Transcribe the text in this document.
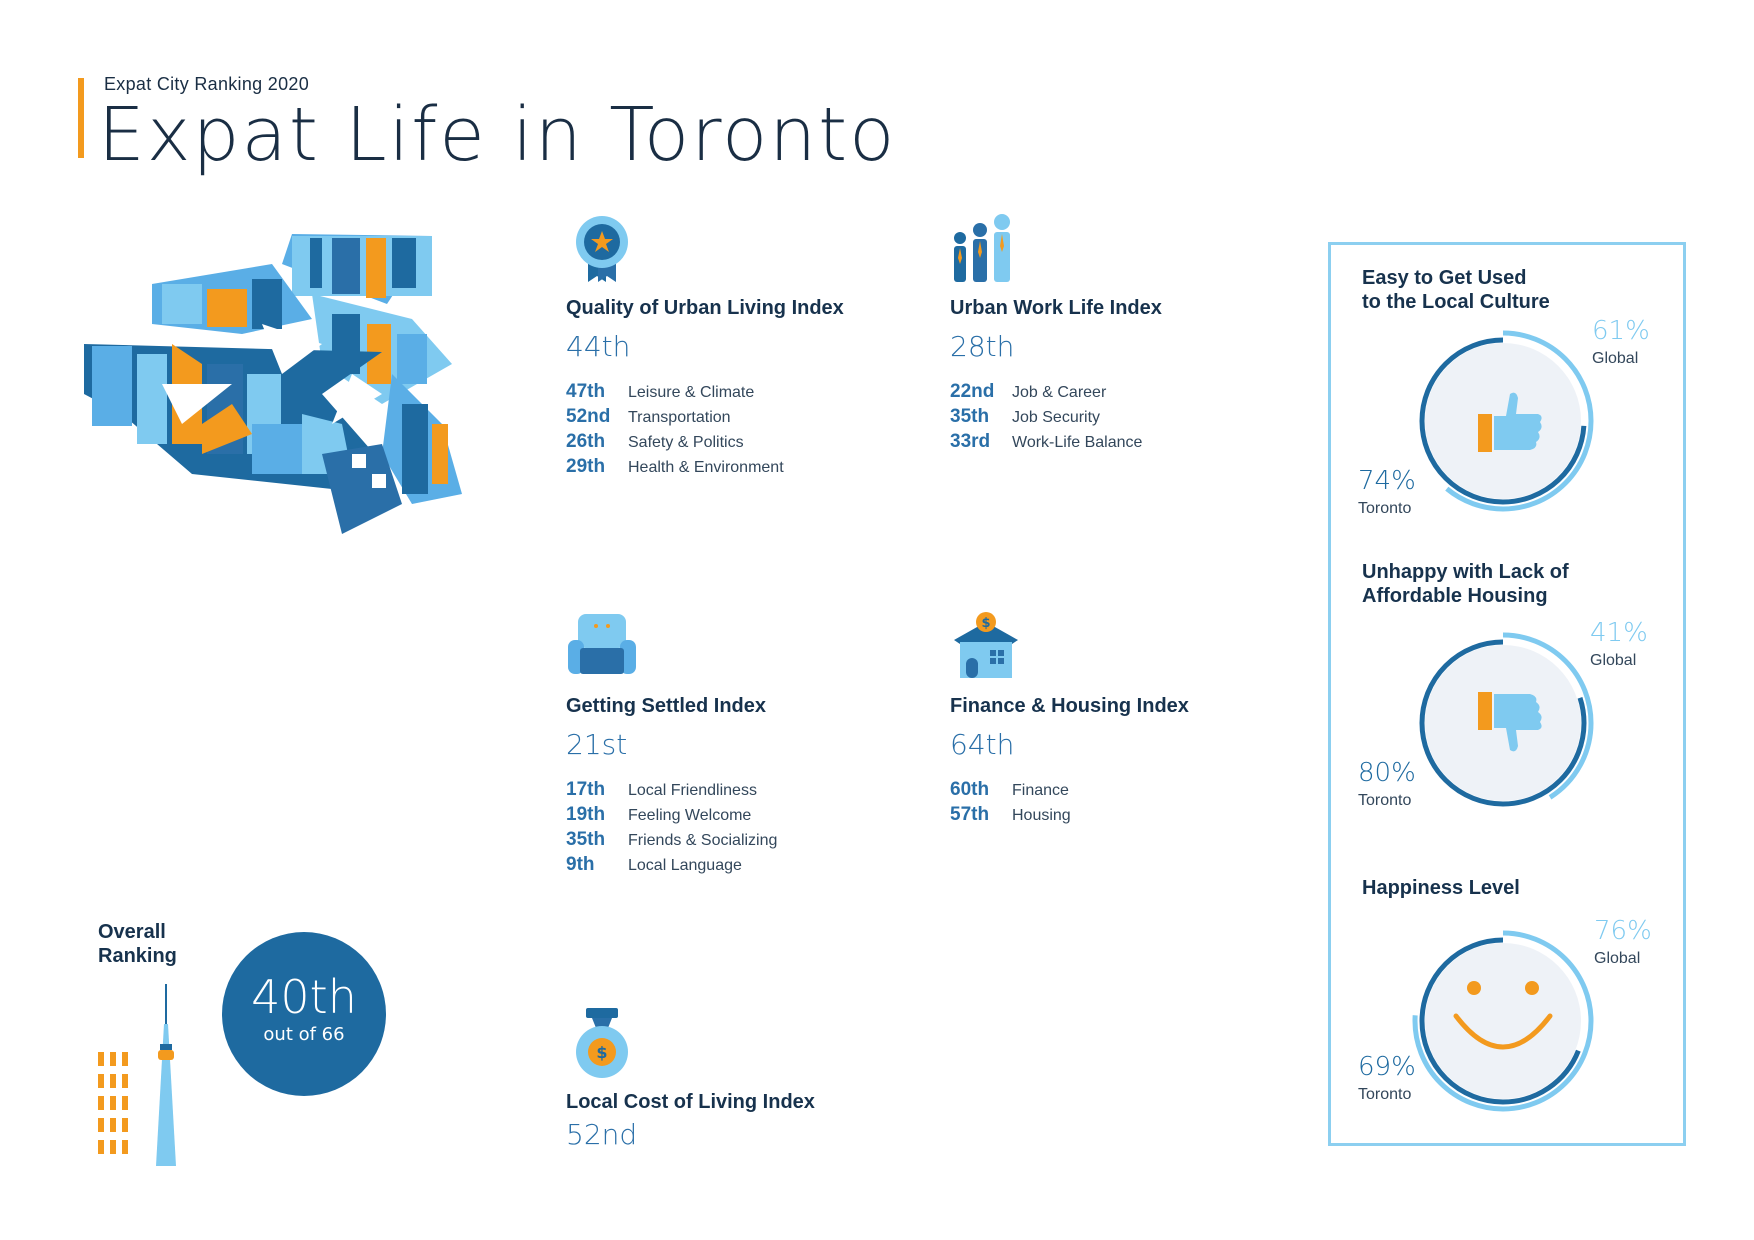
Expat City Ranking 2020
Expat Life in Toronto
Quality of Urban Living Index
44th
47th	Leisure & Climate
52nd	Transportation
26th	Safety & Politics
29th	Health & Environment
Urban Work Life Index
28th
22nd	Job & Career
35th	Job Security
33rd	Work-Life Balance
Getting Settled Index
21st
17th	Local Friendliness
19th	Feeling Welcome
35th	Friends & Socializing
9th	Local Language
$
Finance & Housing Index
64th
60th	Finance
57th	Housing
$
Local Cost of Living Index
52nd
Easy to Get Used
to the Local Culture
61%
Global
74%
Toronto
Unhappy with Lack of
Affordable Housing
41%
Global
80%
Toronto
Happiness Level
76%
Global
69%
Toronto
Overall
Ranking
40th
out of 66
